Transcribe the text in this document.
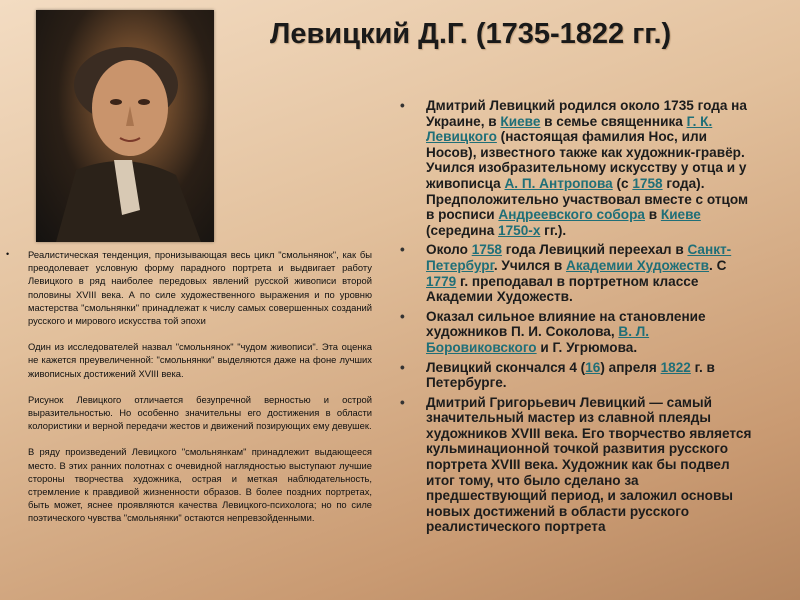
Левицкий Д.Г. (1735-1822 гг.)
• Реалистическая тенденция, пронизывающая весь цикл "смольнянок", как бы преодолевает условную форму парадного портрета и выдвигает работу Левицкого в ряд наиболее передовых явлений русской живописи второй половины XVIII века. А по силе художественного выражения и по уровню мастерства "смольнянки" принадлежат к числу самых совершенных созданий русского и мирового искусства той эпохи

Один из исследователей назвал "смольнянок" "чудом живописи". Эта оценка не кажется преувеличенной: "смольнянки" выделяются даже на фоне лучших живописных достижений XVIII века.

Рисунок Левицкого отличается безупречной верностью и острой выразительностью. Но особенно значительны его достижения в области колористики и верной передачи жестов и движений позирующих ему девушек.

В ряду произведений Левицкого "смольнянкам" принадлежит выдающееся место. В этих ранних полотнах с очевидной наглядностью выступают лучшие стороны творчества художника, острая и меткая наблюдательность, стремление к правдивой жизненности образов. В более поздних портретах, быть может, яснее проявляются качества Левицкого-психолога; но по силе поэтического чувства "смольнянки" остаются непревзойденными.

• Дмитрий Левицкий родился около 1735 года на Украине, в Киеве в семье священника Г. К. Левицкого (настоящая фамилия Нос, или Носов), известного также как художник-гравёр. Учился изобразительному искусству у отца и у живописца А. П. Антропова (с 1758 года). Предположительно участвовал вместе с отцом в росписи Андреевского собора в Киеве (середина 1750-х гг.).
• Около 1758 года Левицкий переехал в Санкт-Петербург. Учился в Академии Художеств. С 1779 г. преподавал в портретном классе Академии Художеств.
• Оказал сильное влияние на становление художников П. И. Соколова, В. Л. Боровиковского и Г. Угрюмова.
• Левицкий скончался 4 (16) апреля 1822 г. в Петербурге.
• Дмитрий Григорьевич Левицкий — самый значительный мастер из славной плеяды художников XVIII века. Его творчество является кульминационной точкой развития русского портрета XVIII века. Художник как бы подвел итог тому, что было сделано за предшествующий период, и заложил основы новых достижений в области русского реалистического портрета
